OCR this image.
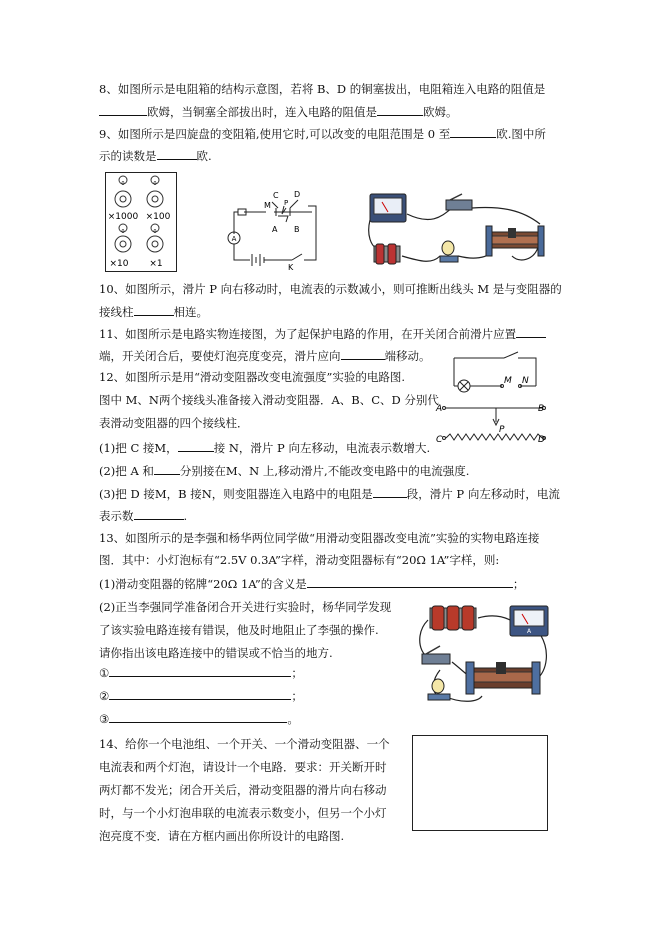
8、如图所示是电阻箱的结构示意图，若将 B、D 的铜塞拔出，电阻箱连入电路的阻值是
欧姆，当铜塞全部拔出时，连入电路的阻值是	欧姆。
9、如图所示是四旋盘的变阻箱,使用它时,可以改变的电阻范围是 0 至	欧.图中所
示的读数是	欧.
0	0
0	0
×1000 ×100
×10 ×1
C D
M P
A B
K
A
10、如图所示，滑片 P 向右移动时，电流表的示数减小，则可推断出线头 M 是与变阻器的
接线柱	相连。
11、如图所示是电路实物连接图，为了起保护电路的作用，在开关闭合前滑片应置
端，开关闭合后，要使灯泡亮度变亮，滑片应向	端移动。
12、如图所示是用“滑动变阻器改变电流强度”实验的电路图.
图中 M、N两个接线头准备接入滑动变阻器．A、B、C、D 分别代
表滑动变阻器的四个接线柱．
(1)把 C 接M，	接 N，滑片 P 向左移动，电流表示数增大.
(2)把 A 和 分别接在M、N 上,移动滑片,不能改变电路中的电流强度.
(3)把 D 接M，B 接N，则变阻器连入电路中的电阻是	段，滑片 P 向左移动时，电流
表示数	.
M N
A	B
C	D
P
13、如图所示的是李强和杨华两位同学做“用滑动变阻器改变电流”实验的实物电路连接
图．其中：小灯泡标有“2.5V 0.3A”字样，滑动变阻器标有“20Ω 1A”字样，则:
(1)滑动变阻器的铭牌“20Ω 1A”的含义是	；
(2)正当李强同学准备闭合开关进行实验时，杨华同学发现
了该实验电路连接有错误，他及时地阻止了李强的操作.
请你指出该电路连接中的错误或不恰当的地方.
①	；
②	；
③	。
A
14、给你一个电池组、一个开关、一个滑动变阻器、一个
电流表和两个灯泡，请设计一个电路．要求：开关断开时
两灯都不发光；闭合开关后，滑动变阻器的滑片向右移动
时，与一个小灯泡串联的电流表示数变小，但另一个小灯
泡亮度不变．请在方框内画出你所设计的电路图.
